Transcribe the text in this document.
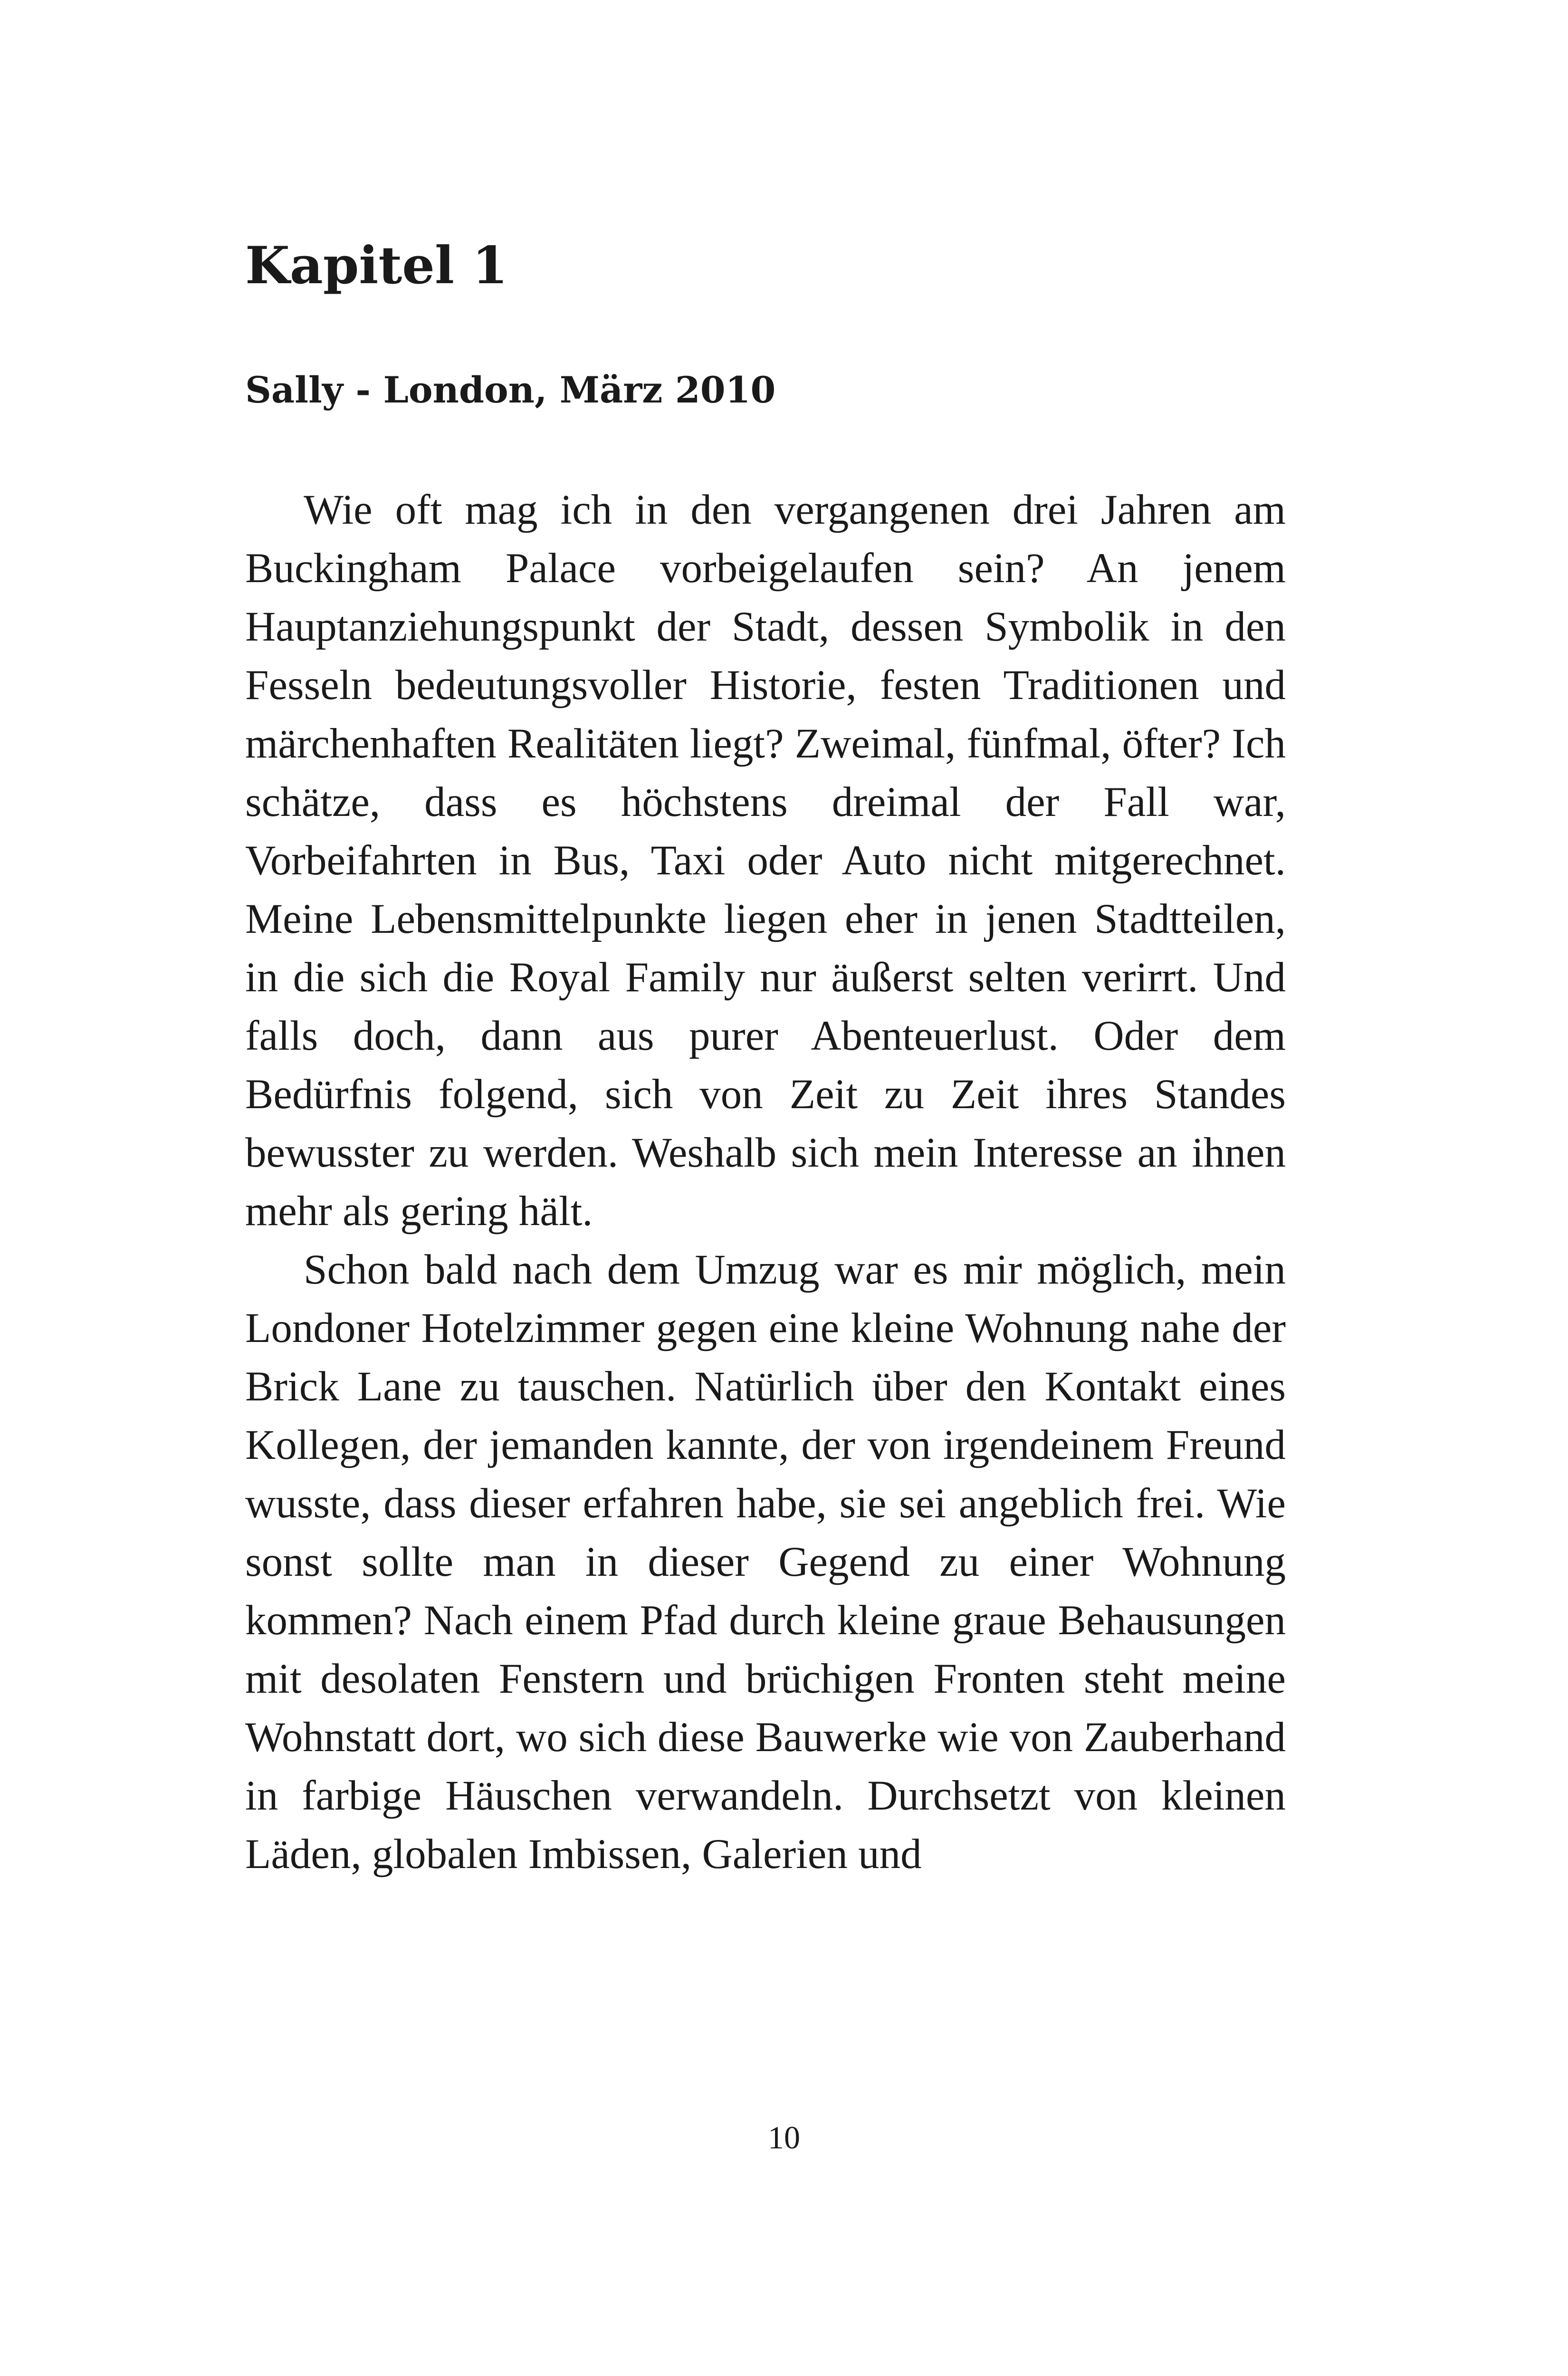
Kapitel 1
Sally - London, März 2010

Wie oft mag ich in den vergangenen drei Jahren am Buckingham Palace vorbeigelaufen sein? An jenem Hauptanziehungspunkt der Stadt, dessen Symbolik in den Fesseln bedeutungsvoller Historie, festen Traditionen und märchenhaften Realitäten liegt? Zweimal, fünfmal, öfter? Ich schätze, dass es höchstens dreimal der Fall war, Vorbeifahrten in Bus, Taxi oder Auto nicht mitgerechnet. Meine Lebensmittelpunkte liegen eher in jenen Stadtteilen, in die sich die Royal Family nur äußerst selten verirrt. Und falls doch, dann aus purer Abenteuerlust. Oder dem Bedürfnis folgend, sich von Zeit zu Zeit ihres Standes bewusster zu werden. Weshalb sich mein Interesse an ihnen mehr als gering hält.

Schon bald nach dem Umzug war es mir möglich, mein Londoner Hotelzimmer gegen eine kleine Wohnung nahe der Brick Lane zu tauschen. Natürlich über den Kontakt eines Kollegen, der jemanden kannte, der von irgendeinem Freund wusste, dass dieser erfahren habe, sie sei angeblich frei. Wie sonst sollte man in dieser Gegend zu einer Wohnung kommen? Nach einem Pfad durch kleine graue Behausungen mit desolaten Fenstern und brüchigen Fronten steht meine Wohnstatt dort, wo sich diese Bauwerke wie von Zauberhand in farbige Häuschen verwandeln. Durchsetzt von kleinen Läden, globalen Imbissen, Galerien und

10
